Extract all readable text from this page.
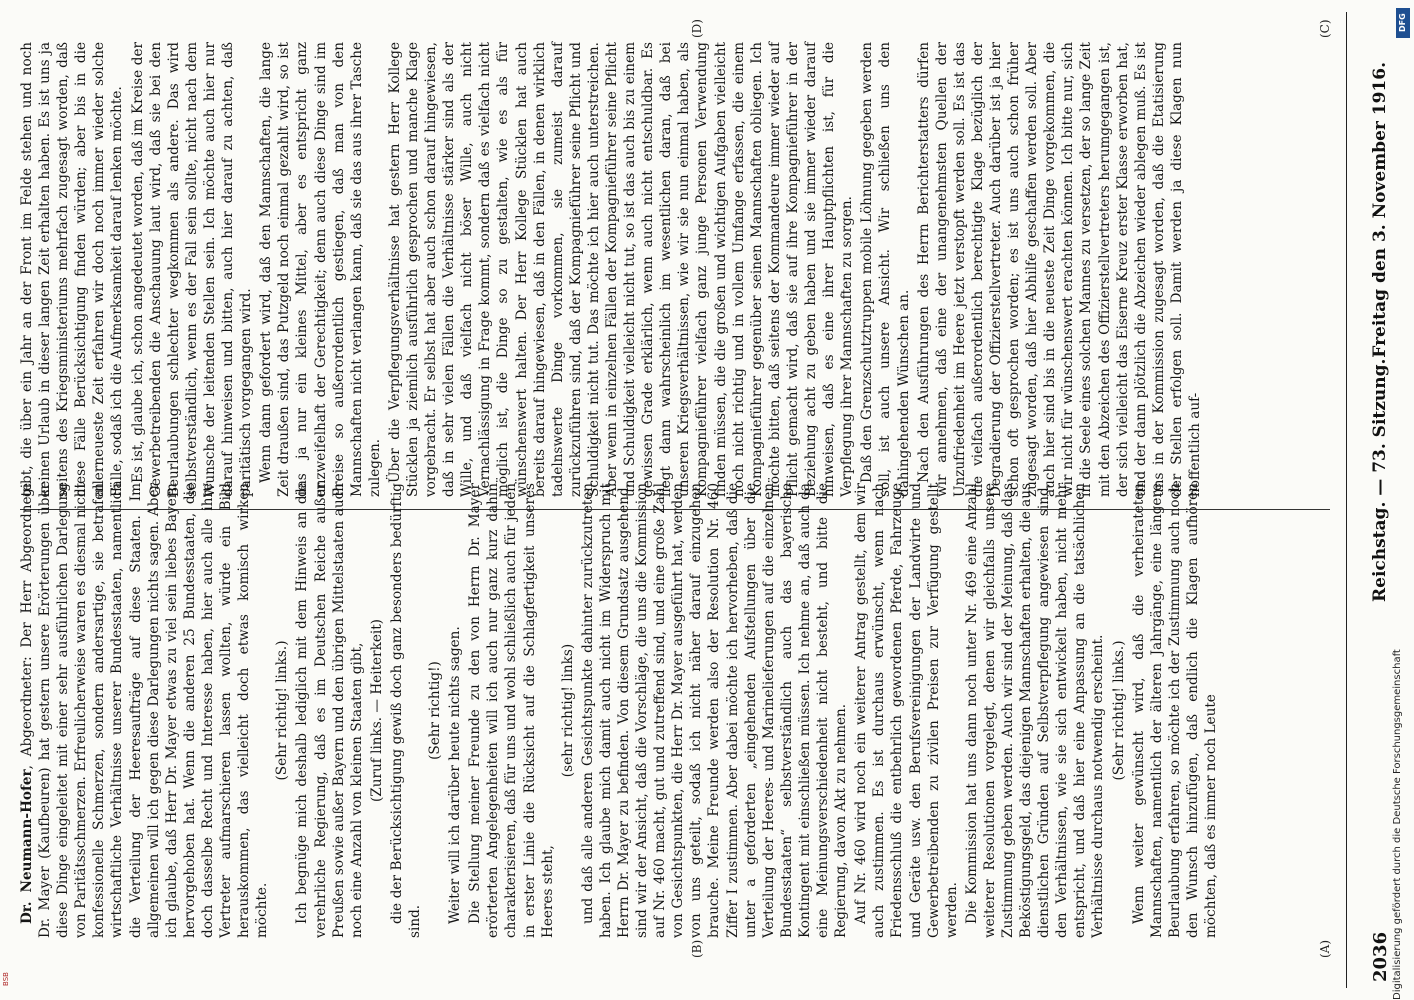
2036
Reichstag. — 73. Sitzung.
Freitag den 3. November 1916.
(A)
(B)
(C)
(D)

Dr. Neumann-Hofer, Abgeordneter: Der Herr Abgeordnete Dr. Mayer (Kaufbeuren) hat gestern unsere Erörterungen über diese Dinge eingeleitet mit einer sehr ausführlichen Darlegung von Paritätsschmerzen. Erfreulicherweise waren es diesmal nicht konfessionelle Schmerzen, sondern andersartige, sie betrafen wirtschaftliche Verhältnisse unserer Bundesstaaten, namentlich die Verteilung der Heeresaufträge auf diese Staaten. Im allgemeinen will ich gegen diese Darlegungen nichts sagen. Aber ich glaube, daß Herr Dr. Mayer etwas zu viel sein liebes Bayern hervorgehoben hat. Wenn die anderen 25 Bundesstaaten, die doch dasselbe Recht und Interesse haben, hier auch alle ihre Vertreter aufmarschieren lassen wollten, würde ein Bild herauskommen, das vielleicht doch etwas komisch wirken möchte.

(Sehr richtig! links.) Ich begnüge mich deshalb lediglich mit dem Hinweis an die verehrliche Regierung, daß es im Deutschen Reiche außer Preußen sowie außer Bayern und den übrigen Mittelstaaten auch noch eine Anzahl von kleinen Staaten gibt, (Zuruf links. — Heiterkeit) die der Berücksichtigung gewiß doch ganz besonders bedürftig sind.

(Sehr richtig!) Weiter will ich darüber heute nichts sagen. Die Stellung meiner Freunde zu den von Herrn Dr. Mayer erörterten Angelegenheiten will ich auch nur ganz kurz dahin charakterisieren, daß für uns und wohl schließlich auch für jeden in erster Linie die Rücksicht auf die Schlagfertigkeit unseres Heeres steht,

(sehr richtig! links) und daß alle anderen Gesichtspunkte dahinter zurückzutreten haben. Ich glaube mich damit auch nicht im Widerspruch mit Herrn Dr. Mayer zu befinden. Von diesem Grundsatz ausgehend, sind wir der Ansicht, daß die Vorschläge, die uns die Kommission auf Nr. 460 macht, gut und zutreffend sind, und eine große Zahl von Gesichtspunkten, die Herr Dr. Mayer ausgeführt hat, werden von uns geteilt, sodaß ich nicht näher darauf einzugehen brauche. Meine Freunde werden also der Resolution Nr. 460 Ziffer I zustimmen. Aber dabei möchte ich hervorheben, daß die unter a geforderten „eingehenden Aufstellungen über die Verteilung der Heeres- und Marinelieferungen auf die einzelnen Bundesstaaten“ selbstverständlich auch das bayerische Kontingent mit einschließen müssen. Ich nehme an, daß auch da eine Meinungsverschiedenheit nicht besteht, und bitte die Regierung, davon Akt zu nehmen. Auf Nr. 460 wird noch ein weiterer Antrag gestellt, dem wir auch zustimmen. Es ist durchaus erwünscht, wenn nach Friedensschluß die entbehrlich gewordenen Pferde, Fahrzeuge und Geräte usw. den Berufsvereinigungen der Landwirte und Gewerbetreibenden zu zivilen Preisen zur Verfügung gestellt werden. Die Kommission hat uns dann noch unter Nr. 469 eine Anzahl weiterer Resolutionen vorgelegt, denen wir gleichfalls unsere Zustimmung geben werden. Auch wir sind der Meinung, daß das Beköstigungsgeld, das diejenigen Mannschaften erhalten, die aus dienstlichen Gründen auf Selbstverpflegung angewiesen sind, den Verhältnissen, wie sie sich entwickelt haben, nicht mehr entspricht, und daß hier eine Anpassung an die tatsächlichen Verhältnisse durchaus notwendig erscheint. (Sehr richtig! links.) Wenn weiter gewünscht wird, daß die verheirateten Mannschaften, namentlich der älteren Jahrgänge, eine längere Beurlaubung erfahren, so möchte ich der Zustimmung auch noch den Wunsch hinzufügen, daß endlich die Klagen aufhören möchten, daß es immer noch Leute

gibt, die über ein Jahr an der Front im Felde stehen und noch keinen Urlaub in dieser langen Zeit erhalten haben. Es ist uns ja seitens des Kriegsministeriums mehrfach zugesagt worden, daß diese Fälle Berücksichtigung finden würden; aber bis in die allerneueste Zeit erfahren wir doch noch immer wieder solche Fälle, sodaß ich die Aufmerksamkeit darauf lenken möchte. Es ist, glaube ich, schon angedeutet worden, daß im Kreise der Gewerbetreibenden die Anschauung laut wird, daß sie bei den Beurlaubungen schlechter wegkommen als andere. Das wird selbstverständlich, wenn es der Fall sein sollte, nicht nach dem Wunsche der leitenden Stellen sein. Ich möchte auch hier nur darauf hinweisen und bitten, auch hier darauf zu achten, daß paritätisch vorgegangen wird. Wenn dann gefordert wird, daß den Mannschaften, die lange Zeit draußen sind, das Putzgeld noch einmal gezahlt wird, so ist das ja nur ein kleines Mittel, aber es entspricht ganz unzweifelhaft der Gerechtigkeit; denn auch diese Dinge sind im Preise so außerordentlich gestiegen, daß man von den Mannschaften nicht verlangen kann, daß sie das aus ihrer Tasche zulegen. Über die Verpflegungsverhältnisse hat gestern Herr Kollege Stücklen ja ziemlich ausführlich gesprochen und manche Klage vorgebracht. Er selbst hat aber auch schon darauf hingewiesen, daß in sehr vielen Fällen die Verhältnisse stärker sind als der Wille, und daß vielfach nicht böser Wille, auch nicht Vernachlässigung in Frage kommt, sondern daß es vielfach nicht möglich ist, die Dinge so zu gestalten, wie es als für wünschenswert halten. Der Herr Kollege Stücklen hat auch bereits darauf hingewiesen, daß in den Fällen, in denen wirklich tadelnswerte Dinge vorkommen, sie zumeist darauf zurückzuführen sind, daß der Kompagnieführer seine Pflicht und Schuldigkeit nicht tut. Das möchte ich hier auch unterstreichen. Aber wenn in einzelnen Fällen der Kompagnieführer seine Pflicht und Schuldigkeit vielleicht nicht tut, so ist das auch bis zu einem gewissen Grade erklärlich, wenn auch nicht entschuldbar. Es liegt dann wahrscheinlich im wesentlichen daran, daß bei unseren Kriegsverhältnissen, wie wir sie nun einmal haben, als Kompagnieführer vielfach ganz junge Personen Verwendung finden müssen, die die großen und wichtigen Aufgaben vielleicht noch nicht richtig und in vollem Umfange erfassen, die einem Kompagnieführer gegenüber seinen Mannschaften obliegen. Ich möchte bitten, daß seitens der Kommandeure immer wieder auf Pflicht gemacht wird, daß sie auf ihre Kompagnieführer in der Beziehung acht zu geben haben und sie immer wieder darauf hinweisen, daß es eine ihrer Hauptpflichten ist, für die Verpflegung ihrer Mannschaften zu sorgen. Daß den Grenzschutztruppen mobile Löhnung gegeben werden soll, ist auch unsere Ansicht. Wir schließen uns den dahingehenden Wünschen an. Nach den Ausführungen des Herrn Berichterstatters dürfen wir annehmen, daß eine der unangenehmsten Quellen der Unzufriedenheit im Heere jetzt verstopft werden soll. Es ist das die vielfach außerordentlich berechtigte Klage bezüglich der Degradierung der Offizierstellvertreter. Auch darüber ist ja hier schon oft gesprochen worden; es ist uns auch schon früher zugesagt worden, daß hier Abhilfe geschaffen werden soll. Aber auch hier sind bis in die neueste Zeit Dinge vorgekommen, die wir nicht für wünschenswert erachten können. Ich bitte nur, sich in die Seele eines solchen Mannes zu versetzen, der so lange Zeit mit den Abzeichen des Offizierstellvertreters herumgegangen ist, der sich vielleicht das Eiserne Kreuz erster Klasse erworben hat, und der dann plötzlich die Abzeichen wieder ablegen muß. Es ist uns in der Kommission zugesagt worden, daß die Etatisierung der Stellen erfolgen soll. Damit werden ja diese Klagen nun hoffentlich auf-

DFG
Digitalisierung gefördert durch die Deutsche Forschungsgemeinschaft
BSB
